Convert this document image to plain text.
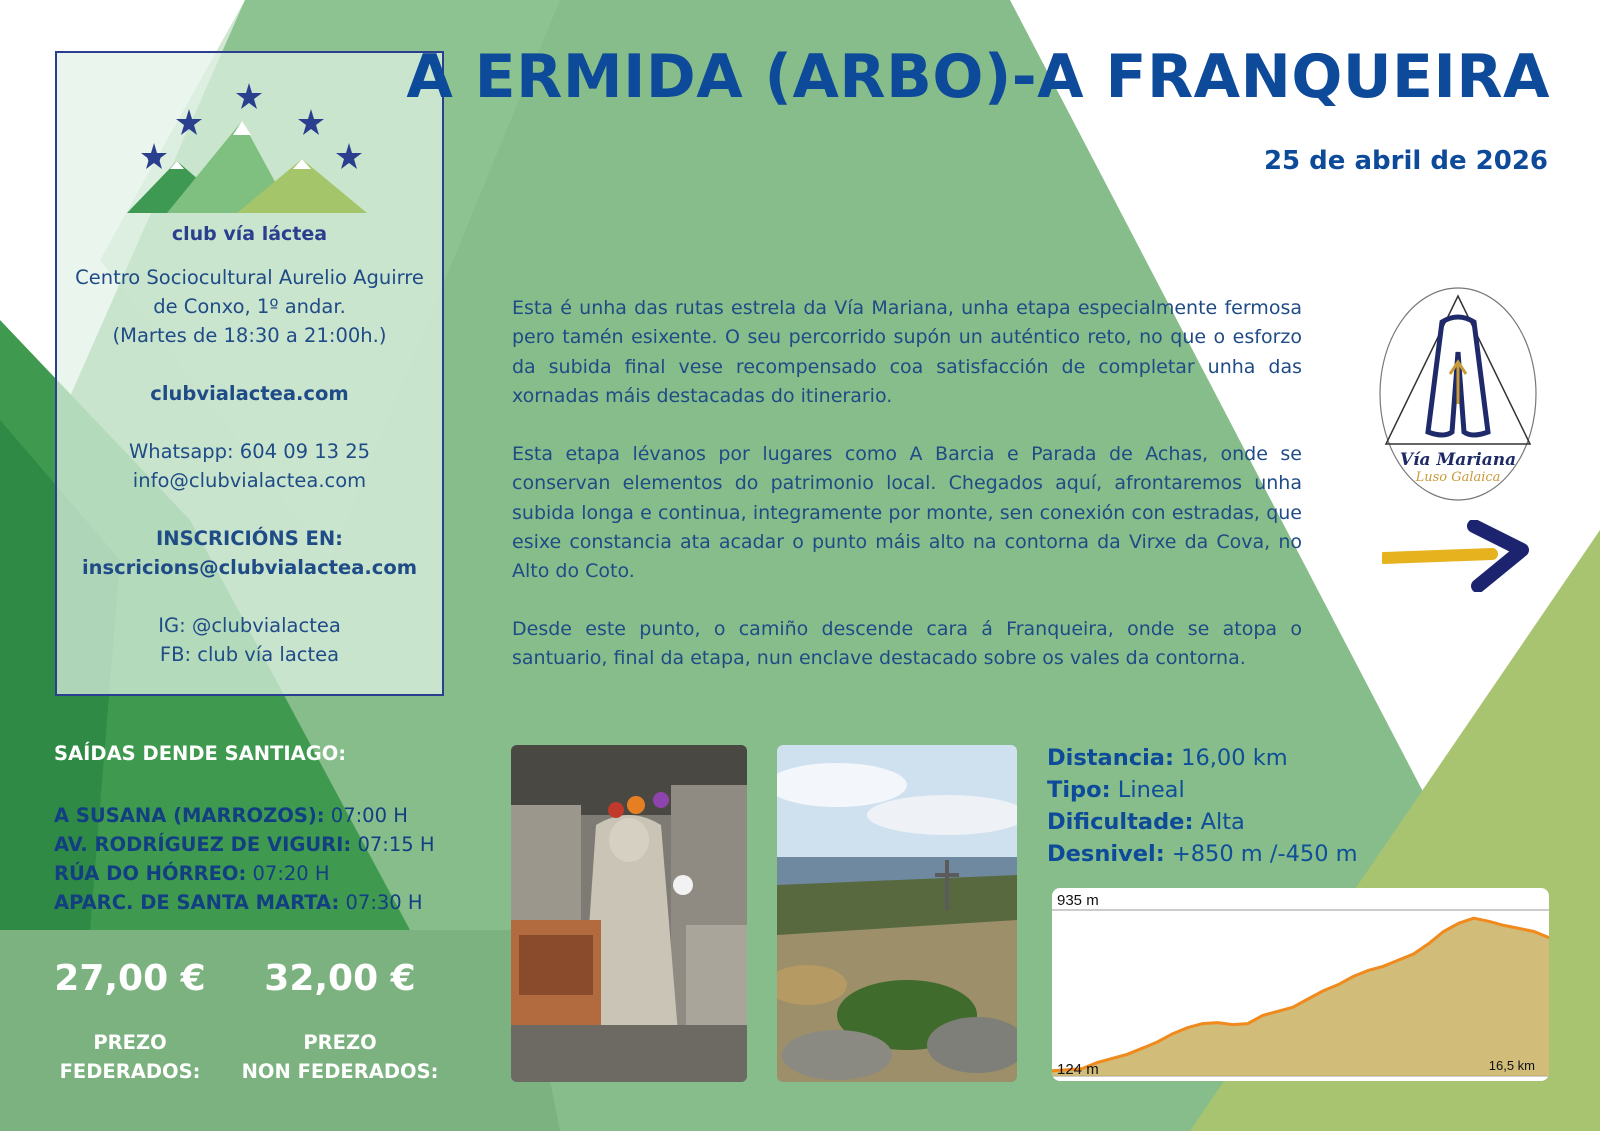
club vía láctea
Centro Sociocultural Aurelio Aguirre
de Conxo, 1º andar.
(Martes de 18:30 a 21:00h.)
clubvialactea.com
Whatsapp: 604 09 13 25
info@clubvialactea.com
INSCRICIÓNS EN:
inscricions@clubvialactea.com
IG: @clubvialactea
FB: club vía lactea
A ERMIDA (ARBO)-A FRANQUEIRA
25 de abril de 2026

Esta é unha das rutas estrela da Vía Mariana, unha etapa especialmente fermosa pero tamén esixente. O seu percorrido supón un auténtico reto, no que o esforzo da subida final vese recompensado coa satisfacción de completar unha das xornadas máis destacadas do itinerario.

Esta etapa lévanos por lugares como A Barcia e Parada de Achas, onde se conservan elementos do patrimonio local. Chegados aquí, afrontaremos unha subida longa e continua, integramente por monte, sen conexión con estradas, que esixe constancia ata acadar o punto máis alto na contorna da Virxe da Cova, no Alto do Coto.

Desde este punto, o camiño descende cara á Franqueira, onde se atopa o santuario, final da etapa, nun enclave destacado sobre os vales da contorna.

Vía Mariana
Luso Galaica
SAÍDAS DENDE SANTIAGO:
A SUSANA (MARROZOS): 07:00 H
AV. RODRÍGUEZ DE VIGURI: 07:15 H
RÚA DO HÓRREO: 07:20 H
APARC. DE SANTA MARTA: 07:30 H
27,00 €
PREZO
FEDERADOS:
32,00 €
PREZO
NON FEDERADOS:
Distancia: 16,00 km
Tipo: Lineal
Dificultade: Alta
Desnivel: +850 m /-450 m
935 m
124 m	16,5 km
